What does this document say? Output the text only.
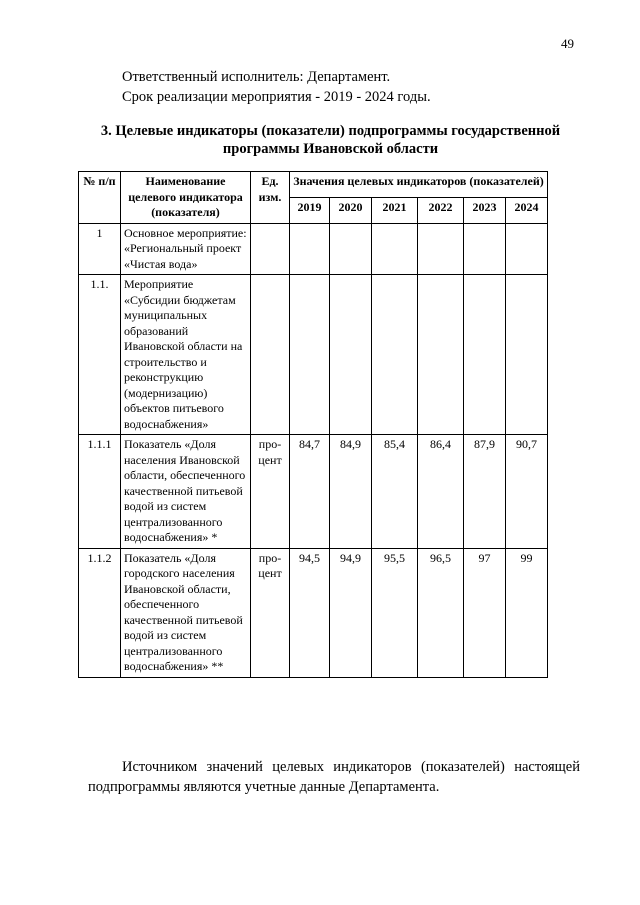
49
Ответственный исполнитель: Департамент.
Срок реализации мероприятия - 2019 - 2024 годы.
3. Целевые индикаторы (показатели) подпрограммы государственной программы Ивановской области
№ п/п	Наименование целевого индикатора (показателя)	Ед. изм.	Значения целевых индикаторов (показателей)					
			2019	2020	2021	2022	2023	2024
1	Основное мероприятие: «Региональный проект «Чистая вода»							
1.1.	Мероприятие «Субсидии бюджетам муниципальных образований Ивановской области на строительство и реконструкцию (модернизацию) объектов питьевого водоснабжения»							
1.1.1	Показатель «Доля населения Ивановской области, обеспеченного качественной питьевой водой из систем централизованного водоснабжения» *	про-цент	84,7	84,9	85,4	86,4	87,9	90,7
1.1.2	Показатель «Доля городского населения Ивановской области, обеспеченного качественной питьевой водой из систем централизованного водоснабжения» **	про-цент	94,5	94,9	95,5	96,5	97	99
Источником значений целевых индикаторов (показателей) настоящей подпрограммы являются учетные данные Департамента.
